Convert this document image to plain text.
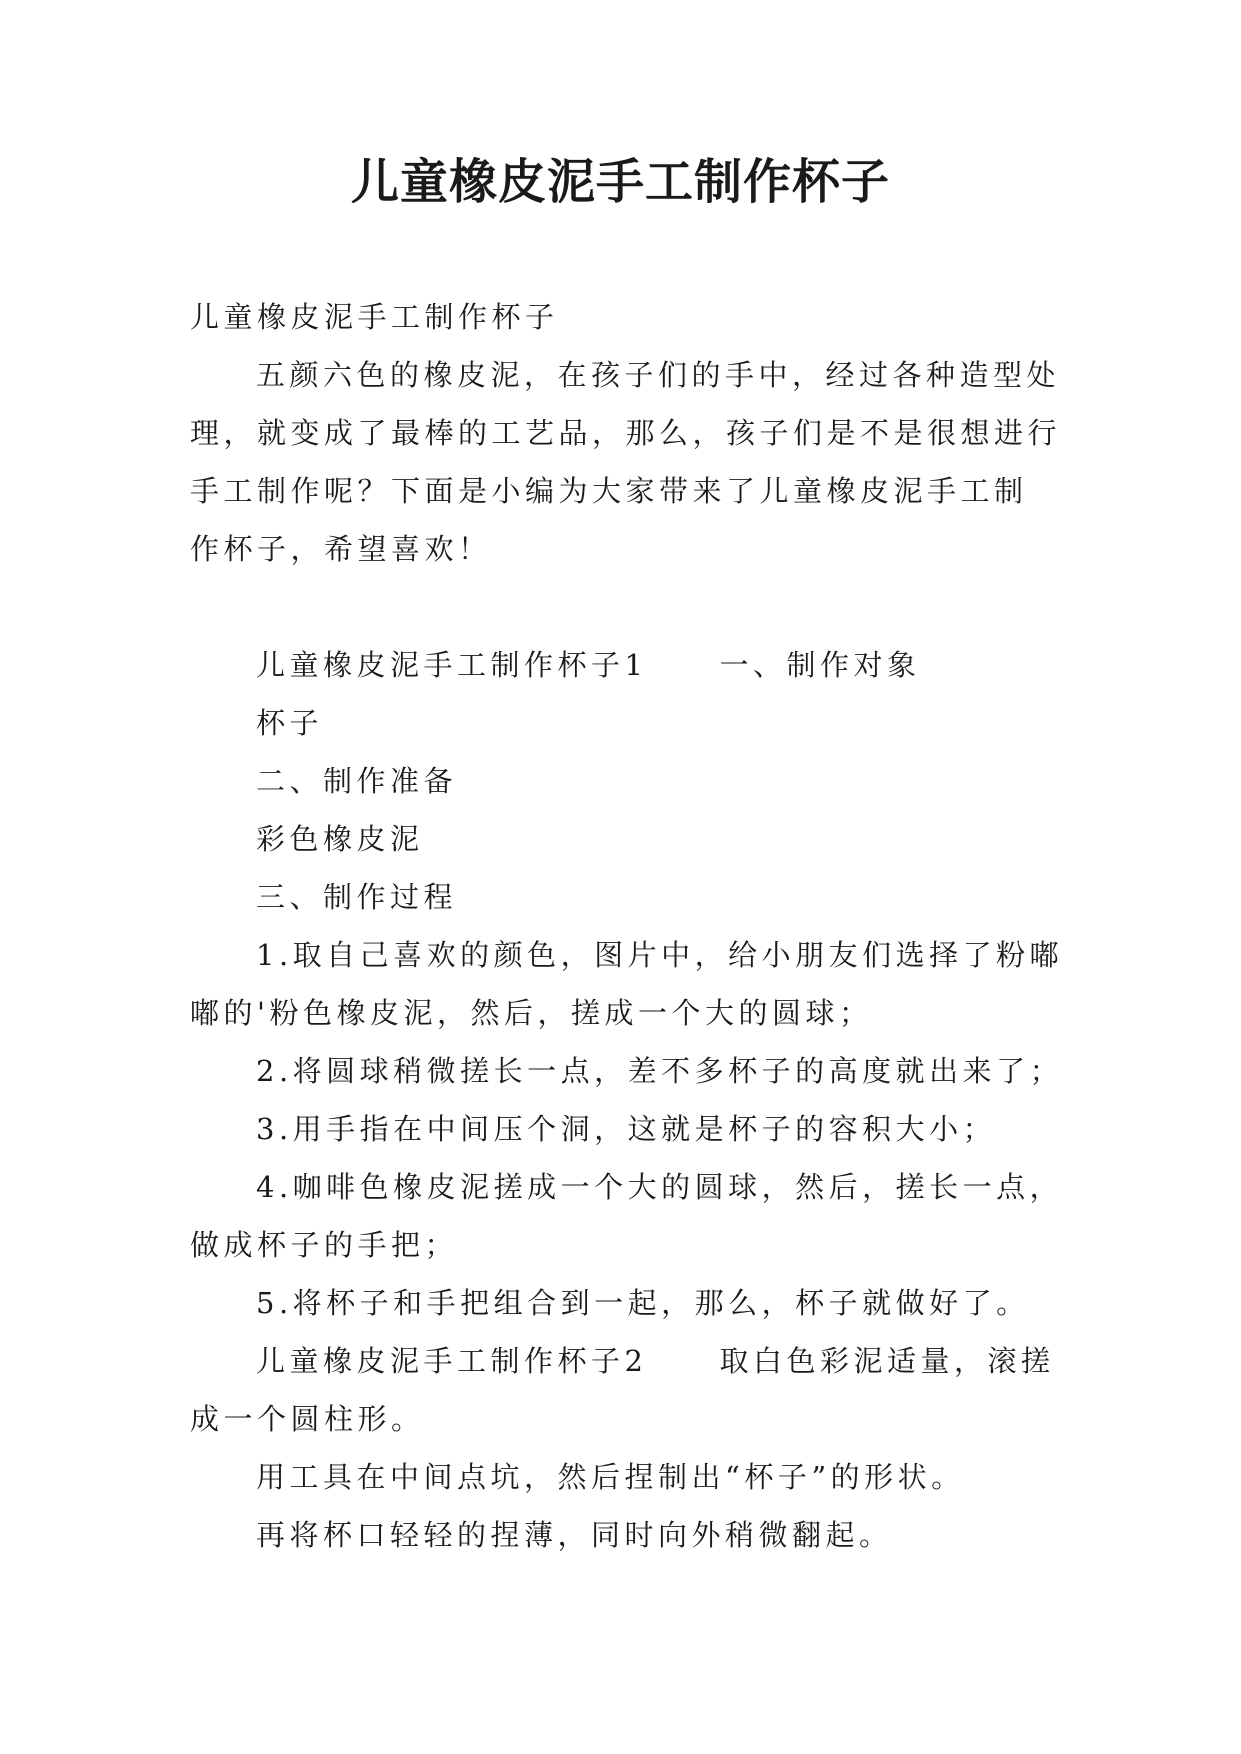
儿童橡皮泥手工制作杯子
儿童橡皮泥手工制作杯子
五颜六色的橡皮泥，在孩子们的手中，经过各种造型处
理，就变成了最棒的工艺品，那么，孩子们是不是很想进行
手工制作呢？下面是小编为大家带来了儿童橡皮泥手工制
作杯子，希望喜欢！
儿童橡皮泥手工制作杯子1 一、制作对象
杯子
二、制作准备
彩色橡皮泥
三、制作过程
1.取自己喜欢的颜色，图片中，给小朋友们选择了粉嘟
嘟的'粉色橡皮泥，然后，搓成一个大的圆球；
2.将圆球稍微搓长一点，差不多杯子的高度就出来了；
3.用手指在中间压个洞，这就是杯子的容积大小；
4.咖啡色橡皮泥搓成一个大的圆球，然后，搓长一点，
做成杯子的手把；
5.将杯子和手把组合到一起，那么，杯子就做好了。
儿童橡皮泥手工制作杯子2 取白色彩泥适量，滚搓
成一个圆柱形。
用工具在中间点坑，然后捏制出“杯子”的形状。
再将杯口轻轻的捏薄，同时向外稍微翻起。
